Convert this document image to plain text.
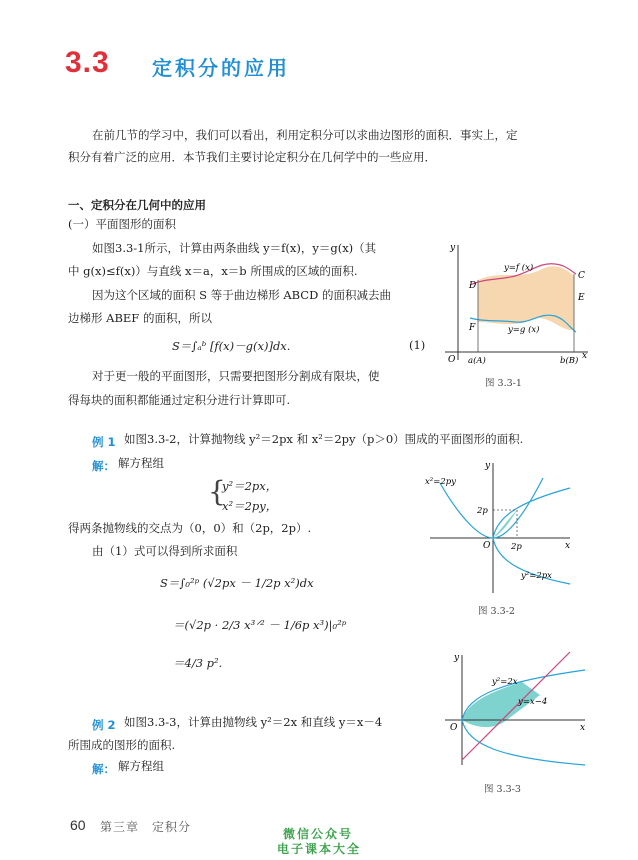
3.3 定积分的应用
在前几节的学习中，我们可以看出，利用定积分可以求曲边图形的面积．事实上，定
积分有着广泛的应用．本节我们主要讨论定积分在几何学中的一些应用．
一、定积分在几何中的应用
(一）平面图形的面积
如图3.3-1所示，计算由两条曲线 y＝f(x)，y＝g(x)（其
中 g(x)≤f(x)）与直线 x＝a，x＝b 所围成的区域的面积.
因为这个区域的面积 S 等于曲边梯形 ABCD 的面积减去曲
边梯形 ABEF 的面积，所以
S＝∫ₐᵇ [f(x)－g(x)]dx.	(1)
对于更一般的平面图形，只需要把图形分割成有限块，使
得每块的面积都能通过定积分进行计算即可.
y
x
O a(A)	b(B)
y=f (x)
y=g (x)
C
D
E
F
图 3.3-1
例 1 如图3.3-2，计算抛物线 y²＝2px 和 x²＝2py（p＞0）围成的平面图形的面积.
解： 解方程组
{
y²＝2px，
x²＝2py，
得两条抛物线的交点为（0，0）和（2p，2p）.
由（1）式可以得到所求面积
S＝∫₀²ᵖ (√2px － 1/2p x²)dx
＝(√2p · 2/3 x³ᐟ² － 1/6p x³)|₀²ᵖ
＝4/3 p².
y
x
O
x²=2py
y²=2px
2p
2p
图 3.3-2
例 2 如图3.3-3，计算由抛物线 y²＝2x 和直线 y＝x－4
所围成的图形的面积.
解： 解方程组
y
x
O
y²=2x
y=x−4
图 3.3-3
60 第三章　定积分	微信公众号
电子课本大全
